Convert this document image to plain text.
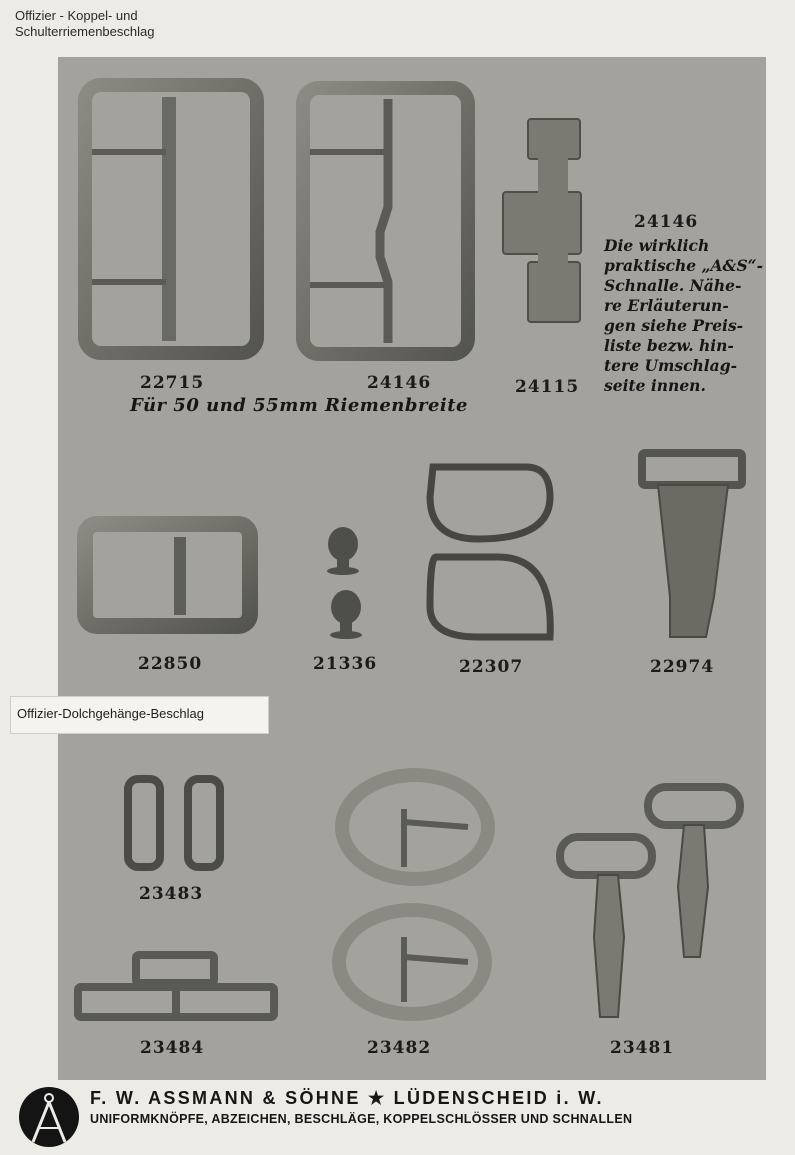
Offizier - Koppel- und
Schulterriemenbeschlag
22715	24146	24115
Für 50 und 55mm Riemenbreite
24146
Die wirklich
praktische „A&S“-
Schnalle. Nähe-
re Erläuterun-
gen siehe Preis-
liste bezw. hin-
tere Umschlag-
seite innen.
22850	21336	22307	22974
Offizier-Dolchgehänge-Beschlag
23483
23484	23482	23481
F. W. ASSMANN & SÖHNE ★ LÜDENSCHEID i. W.
UNIFORMKNÖPFE, ABZEICHEN, BESCHLÄGE, KOPPELSCHLÖSSER UND SCHNALLEN
